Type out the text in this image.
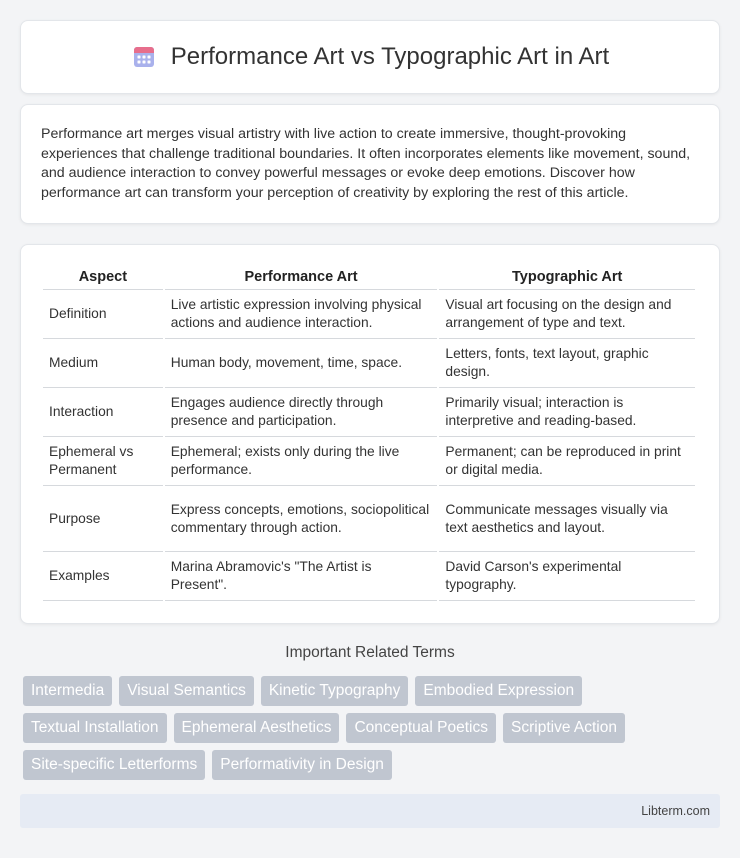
Performance Art vs Typographic Art in Art

Performance art merges visual artistry with live action to create immersive, thought-provoking experiences that challenge traditional boundaries. It often incorporates elements like movement, sound, and audience interaction to convey powerful messages or evoke deep emotions. Discover how performance art can transform your perception of creativity by exploring the rest of this article.

Aspect	Performance Art	Typographic Art
Definition	Live artistic expression involving physical actions and audience interaction.	Visual art focusing on the design and arrangement of type and text.
Medium	Human body, movement, time, space.	Letters, fonts, text layout, graphic design.
Interaction	Engages audience directly through presence and participation.	Primarily visual; interaction is interpretive and reading-based.
Ephemeral vs Permanent	Ephemeral; exists only during the live performance.	Permanent; can be reproduced in print or digital media.
Purpose	Express concepts, emotions, sociopolitical commentary through action.	Communicate messages visually via text aesthetics and layout.
Examples	Marina Abramovic's "The Artist is Present".	David Carson's experimental typography.
Important Related Terms
Intermedia	Visual Semantics	Kinetic Typography	Embodied Expression
Textual Installation	Ephemeral Aesthetics	Conceptual Poetics	Scriptive Action
Site-specific Letterforms	Performativity in Design
Libterm.com
